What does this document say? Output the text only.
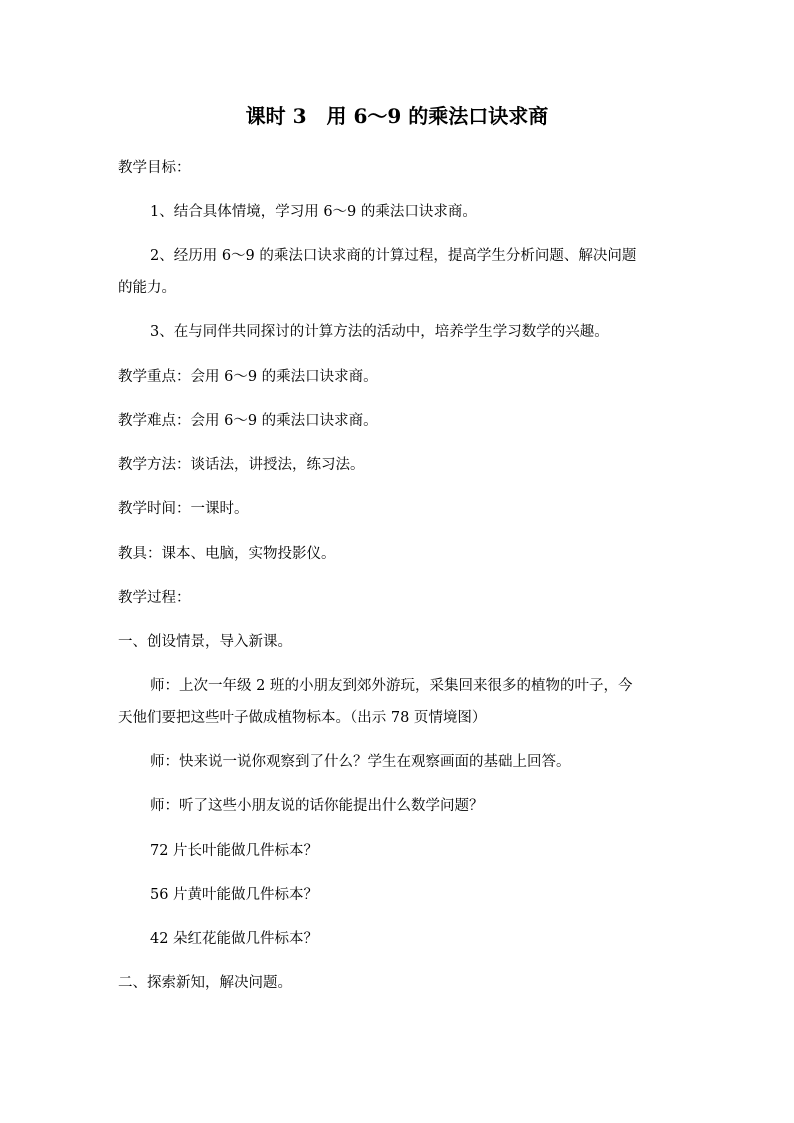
课时 3　用 6～9 的乘法口诀求商
教学目标：
1、结合具体情境，学习用 6～9 的乘法口诀求商。
2、经历用 6～9 的乘法口诀求商的计算过程，提高学生分析问题、解决问题
的能力。
3、在与同伴共同探讨的计算方法的活动中，培养学生学习数学的兴趣。
教学重点：会用 6～9 的乘法口诀求商。
教学难点：会用 6～9 的乘法口诀求商。
教学方法：谈话法，讲授法，练习法。
教学时间：一课时。
教具：课本、电脑，实物投影仪。
教学过程：
一、创设情景，导入新课。
师：上次一年级 2 班的小朋友到郊外游玩，采集回来很多的植物的叶子，今
天他们要把这些叶子做成植物标本。（出示 78 页情境图）
师：快来说一说你观察到了什么？学生在观察画面的基础上回答。
师：听了这些小朋友说的话你能提出什么数学问题？
72 片长叶能做几件标本？
56 片黄叶能做几件标本？
42 朵红花能做几件标本？
二、探索新知，解决问题。
